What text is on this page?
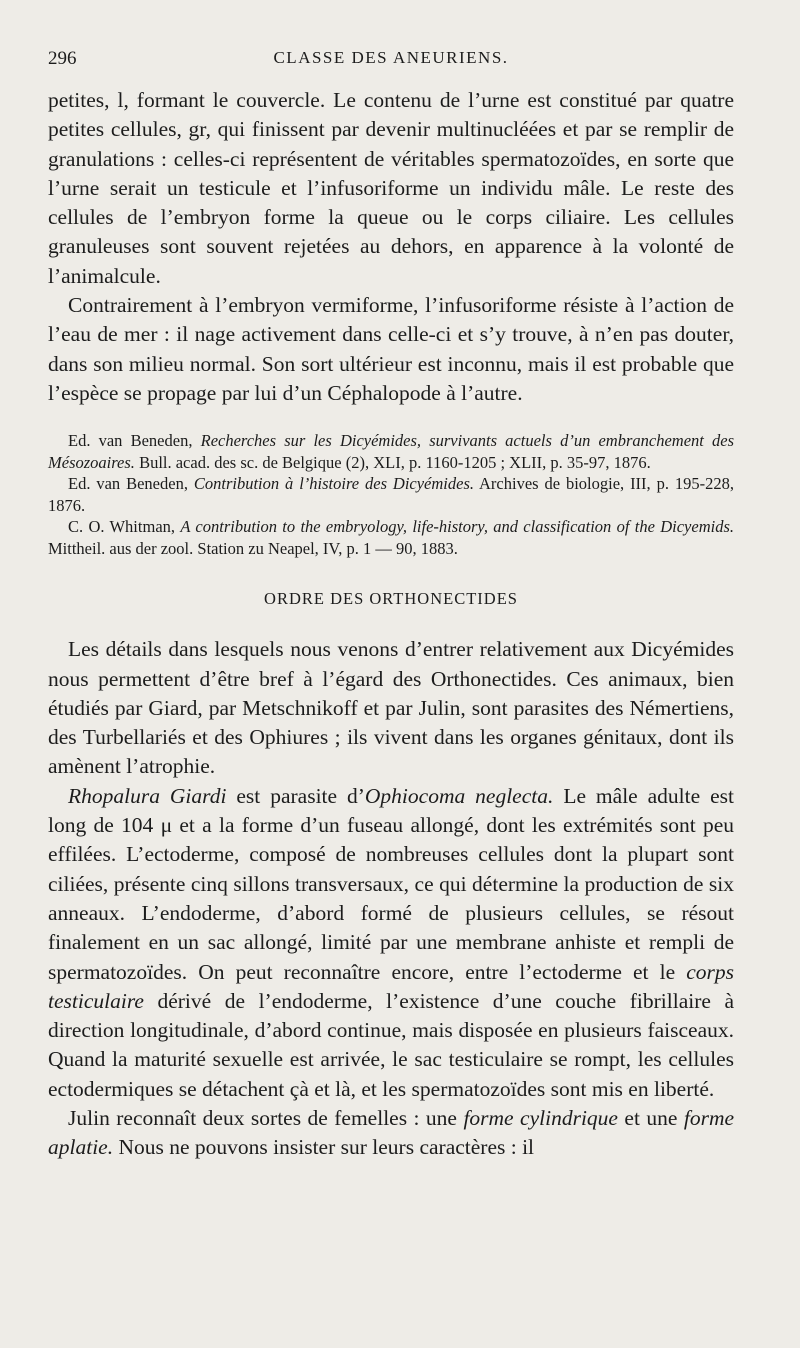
296	CLASSE DES ANEURIENS.

petites, l, formant le couvercle. Le contenu de l’urne est constitué par quatre petites cellules, gr, qui finissent par devenir multinucléées et par se remplir de granulations : celles-ci représentent de véritables spermatozoïdes, en sorte que l’urne serait un testicule et l’infusoriforme un individu mâle. Le reste des cellules de l’embryon forme la queue ou le corps ciliaire. Les cellules granuleuses sont souvent rejetées au dehors, en apparence à la volonté de l’animalcule.

Contrairement à l’embryon vermiforme, l’infusoriforme résiste à l’action de l’eau de mer : il nage activement dans celle-ci et s’y trouve, à n’en pas douter, dans son milieu normal. Son sort ultérieur est inconnu, mais il est probable que l’espèce se propage par lui d’un Céphalopode à l’autre.

Ed. van Beneden, Recherches sur les Dicyémides, survivants actuels d’un embranchement des Mésozoaires. Bull. acad. des sc. de Belgique (2), XLI, p. 1160-1205 ; XLII, p. 35-97, 1876.

Ed. van Beneden, Contribution à l’histoire des Dicyémides. Archives de biologie, III, p. 195-228, 1876.

C. O. Whitman, A contribution to the embryology, life-history, and classification of the Dicyemids. Mittheil. aus der zool. Station zu Neapel, IV, p. 1 — 90, 1883.

ORDRE DES ORTHONECTIDES

Les détails dans lesquels nous venons d’entrer relativement aux Dicyémides nous permettent d’être bref à l’égard des Orthonectides. Ces animaux, bien étudiés par Giard, par Metschnikoff et par Julin, sont parasites des Némertiens, des Turbellariés et des Ophiures ; ils vivent dans les organes génitaux, dont ils amènent l’atrophie.

Rhopalura Giardi est parasite d’Ophiocoma neglecta. Le mâle adulte est long de 104 μ et a la forme d’un fuseau allongé, dont les extrémités sont peu effilées. L’ectoderme, composé de nombreuses cellules dont la plupart sont ciliées, présente cinq sillons transversaux, ce qui détermine la production de six anneaux. L’endoderme, d’abord formé de plusieurs cellules, se résout finalement en un sac allongé, limité par une membrane anhiste et rempli de spermatozoïdes. On peut reconnaître encore, entre l’ectoderme et le corps testiculaire dérivé de l’endoderme, l’existence d’une couche fibrillaire à direction longitudinale, d’abord continue, mais disposée en plusieurs faisceaux. Quand la maturité sexuelle est arrivée, le sac testiculaire se rompt, les cellules ectodermiques se détachent çà et là, et les spermatozoïdes sont mis en liberté.

Julin reconnaît deux sortes de femelles : une forme cylindrique et une forme aplatie. Nous ne pouvons insister sur leurs caractères : il
